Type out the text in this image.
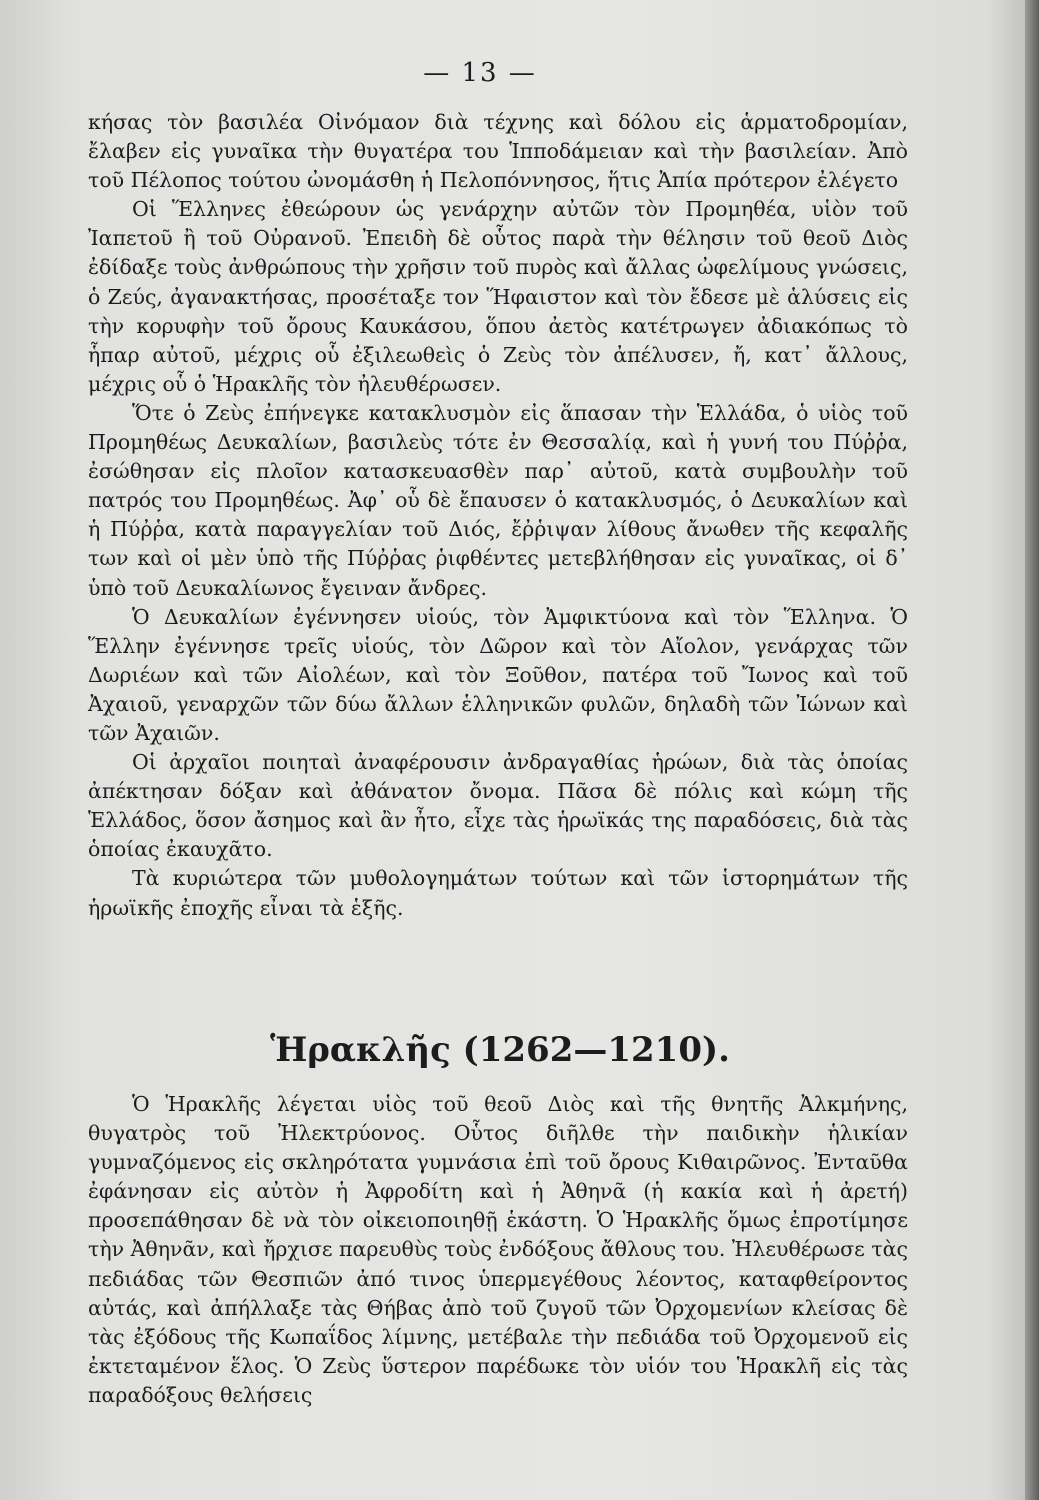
— 13 —

κήσας τὸν βασιλέα Οἰνόμαον διὰ τέχνης καὶ δόλου εἰς ἁρματοδρομίαν, ἔλαβεν εἰς γυναῖκα τὴν θυγατέρα του Ἱπποδάμειαν καὶ τὴν βασιλείαν. Ἀπὸ τοῦ Πέλοπος τούτου ὠνομάσθη ἡ Πελοπόννησος, ἥτις Ἀπία πρότερον ἐλέγετο

Οἱ Ἕλληνες ἐθεώρουν ὡς γενάρχην αὐτῶν τὸν Προμηθέα, υἱὸν τοῦ Ἰαπετοῦ ἢ τοῦ Οὐρανοῦ. Ἐπειδὴ δὲ οὗτος παρὰ τὴν θέλησιν τοῦ θεοῦ Διὸς ἐδίδαξε τοὺς ἀνθρώπους τὴν χρῆσιν τοῦ πυρὸς καὶ ἄλλας ὠφελίμους γνώσεις, ὁ Ζεύς, ἀγανακτήσας, προσέταξε τον Ἥφαιστον καὶ τὸν ἔδεσε μὲ ἁλύσεις εἰς τὴν κορυφὴν τοῦ ὄρους Καυκάσου, ὅπου ἀετὸς κατέτρωγεν ἀδιακόπως τὸ ἧπαρ αὐτοῦ, μέχρις οὗ ἐξιλεωθεὶς ὁ Ζεὺς τὸν ἀπέλυσεν, ἤ, κατ᾽ ἄλλους, μέχρις οὗ ὁ Ἡρακλῆς τὸν ἠλευθέρωσεν.

Ὅτε ὁ Ζεὺς ἐπήνεγκε κατακλυσμὸν εἰς ἅπασαν τὴν Ἑλλάδα, ὁ υἱὸς τοῦ Προμηθέως Δευκαλίων, βασιλεὺς τότε ἐν Θεσσαλίᾳ, καὶ ἡ γυνή του Πύῤῥα, ἐσώθησαν εἰς πλοῖον κατασκευασθὲν παρ᾽ αὐτοῦ, κατὰ συμβουλὴν τοῦ πατρός του Προμηθέως. Ἀφ᾽ οὗ δὲ ἔπαυσεν ὁ κατακλυσμός, ὁ Δευκαλίων καὶ ἡ Πύῤῥα, κατὰ παραγγελίαν τοῦ Διός, ἔῤῥιψαν λίθους ἄνωθεν τῆς κεφαλῆς των καὶ οἱ μὲν ὑπὸ τῆς Πύῤῥας ῥιφθέντες μετεβλήθησαν εἰς γυναῖκας, οἱ δ᾽ ὑπὸ τοῦ Δευκαλίωνος ἔγειναν ἄνδρες.

Ὁ Δευκαλίων ἐγέννησεν υἱούς, τὸν Ἀμφικτύονα καὶ τὸν Ἕλληνα. Ὁ Ἕλλην ἐγέννησε τρεῖς υἱούς, τὸν Δῶρον καὶ τὸν Αἴολον, γενάρχας τῶν Δωριέων καὶ τῶν Αἰολέων, καὶ τὸν Ξοῦθον, πατέρα τοῦ Ἴωνος καὶ τοῦ Ἀχαιοῦ, γεναρχῶν τῶν δύω ἄλλων ἑλληνικῶν φυλῶν, δηλαδὴ τῶν Ἰώνων καὶ τῶν Ἀχαιῶν.

Οἱ ἀρχαῖοι ποιηταὶ ἀναφέρουσιν ἀνδραγαθίας ἡρώων, διὰ τὰς ὁποίας ἀπέκτησαν δόξαν καὶ ἀθάνατον ὄνομα. Πᾶσα δὲ πόλις καὶ κώμη τῆς Ἑλλάδος, ὅσον ἄσημος καὶ ἂν ἦτο, εἶχε τὰς ἡρωϊκάς της παραδόσεις, διὰ τὰς ὁποίας ἐκαυχᾶτο.

Τὰ κυριώτερα τῶν μυθολογημάτων τούτων καὶ τῶν ἱστορημάτων τῆς ἡρωϊκῆς ἐποχῆς εἶναι τὰ ἑξῆς.

Ἡρακλῆς (1262—1210).

Ὁ Ἡρακλῆς λέγεται υἱὸς τοῦ θεοῦ Διὸς καὶ τῆς θνητῆς Ἀλκμήνης, θυγατρὸς τοῦ Ἠλεκτρύονος. Οὗτος διῆλθε τὴν παιδικὴν ἡλικίαν γυμναζόμενος εἰς σκληρότατα γυμνάσια ἐπὶ τοῦ ὄρους Κιθαιρῶνος. Ἐνταῦθα ἐφάνησαν εἰς αὐτὸν ἡ Ἀφροδίτη καὶ ἡ Ἀθηνᾶ (ἡ κακία καὶ ἡ ἀρετή) προσεπάθησαν δὲ νὰ τὸν οἰκειοποιηθῇ ἑκάστη. Ὁ Ἡρακλῆς ὅμως ἐπροτίμησε τὴν Ἀθηνᾶν, καὶ ἤρχισε παρευθὺς τοὺς ἐνδόξους ἄθλους του. Ἠλευθέρωσε τὰς πεδιάδας τῶν Θεσπιῶν ἀπό τινος ὑπερμεγέθους λέοντος, καταφθείροντος αὐτάς, καὶ ἀπήλλαξε τὰς Θήβας ἀπὸ τοῦ ζυγοῦ τῶν Ὀρχομενίων κλείσας δὲ τὰς ἐξόδους τῆς Κωπαΐδος λίμνης, μετέβαλε τὴν πεδιάδα τοῦ Ὀρχομενοῦ εἰς ἐκτεταμένον ἕλος. Ὁ Ζεὺς ὕστερον παρέδωκε τὸν υἱόν του Ἡρακλῆ εἰς τὰς παραδόξους θελήσεις
